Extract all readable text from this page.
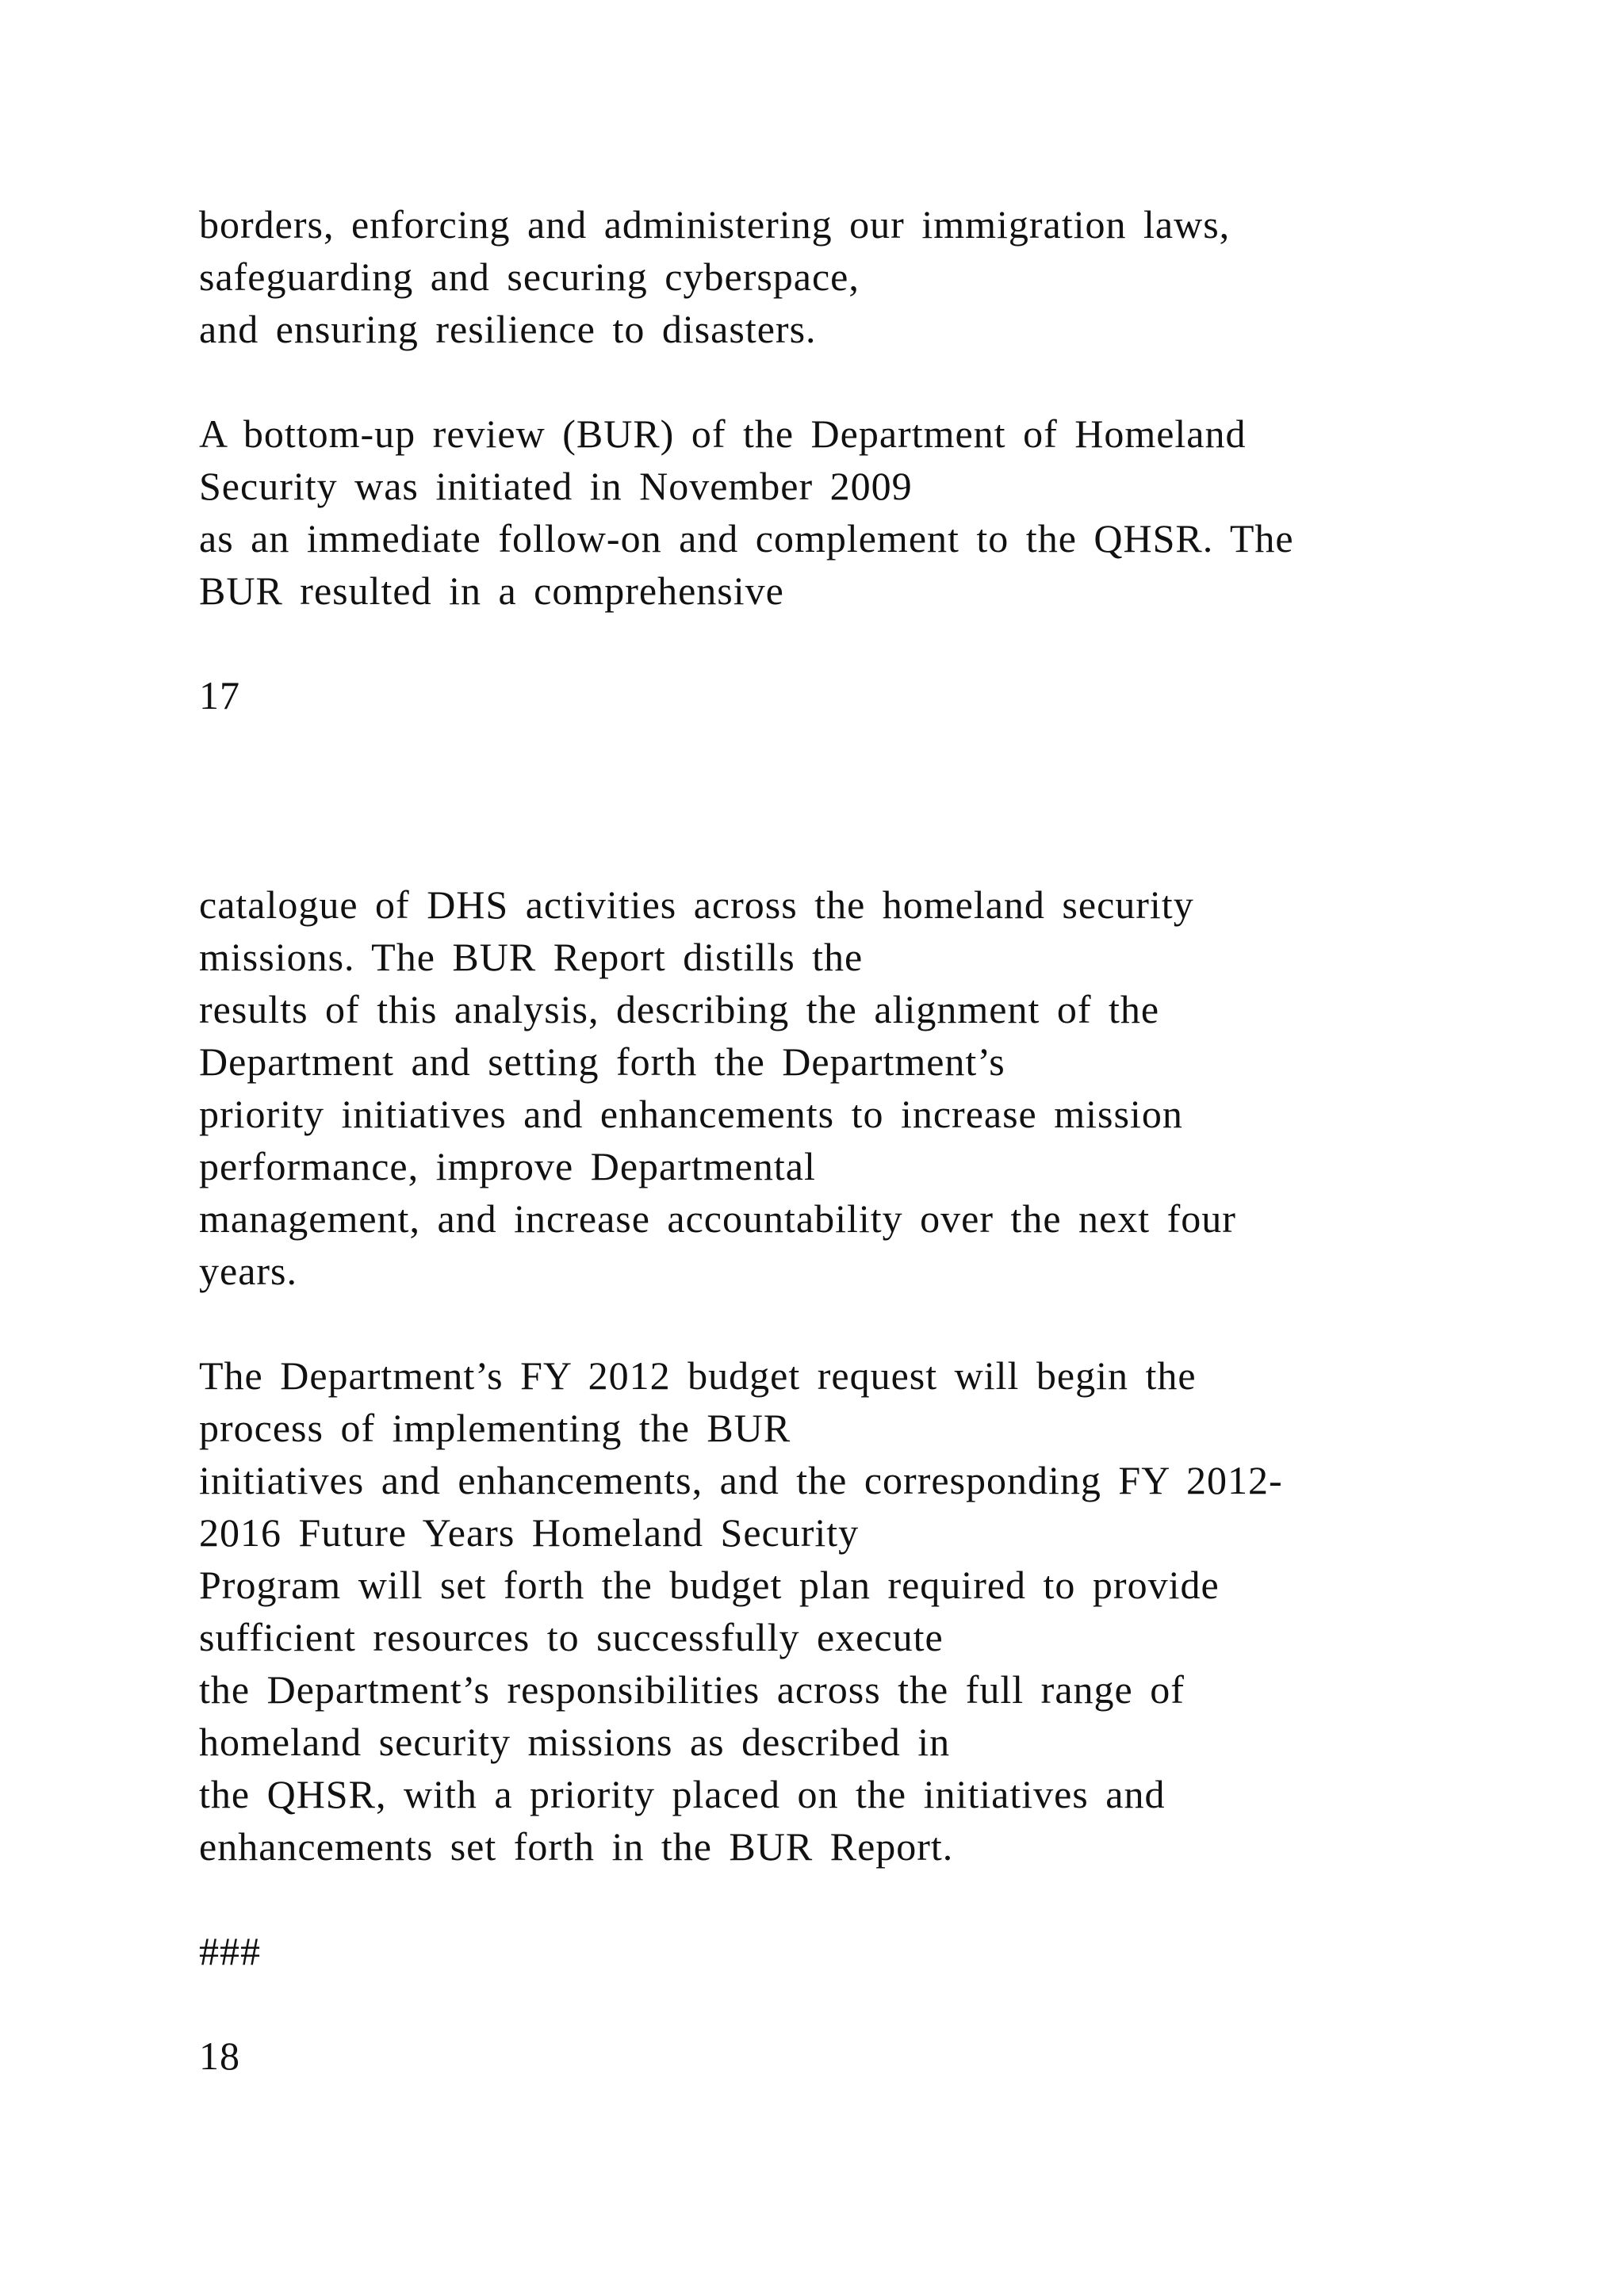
borders, enforcing and administering our immigration laws,
safeguarding and securing cyberspace,
and ensuring resilience to disasters.
A bottom-up review (BUR) of the Department of Homeland
Security was initiated in November 2009
as an immediate follow-on and complement to the QHSR. The
BUR resulted in a comprehensive
17
catalogue of DHS activities across the homeland security
missions. The BUR Report distills the
results of this analysis, describing the alignment of the
Department and setting forth the Department’s
priority initiatives and enhancements to increase mission
performance, improve Departmental
management, and increase accountability over the next four
years.
The Department’s FY 2012 budget request will begin the
process of implementing the BUR
initiatives and enhancements, and the corresponding FY 2012-
2016 Future Years Homeland Security
Program will set forth the budget plan required to provide
sufficient resources to successfully execute
the Department’s responsibilities across the full range of
homeland security missions as described in
the QHSR, with a priority placed on the initiatives and
enhancements set forth in the BUR Report.
###
18
